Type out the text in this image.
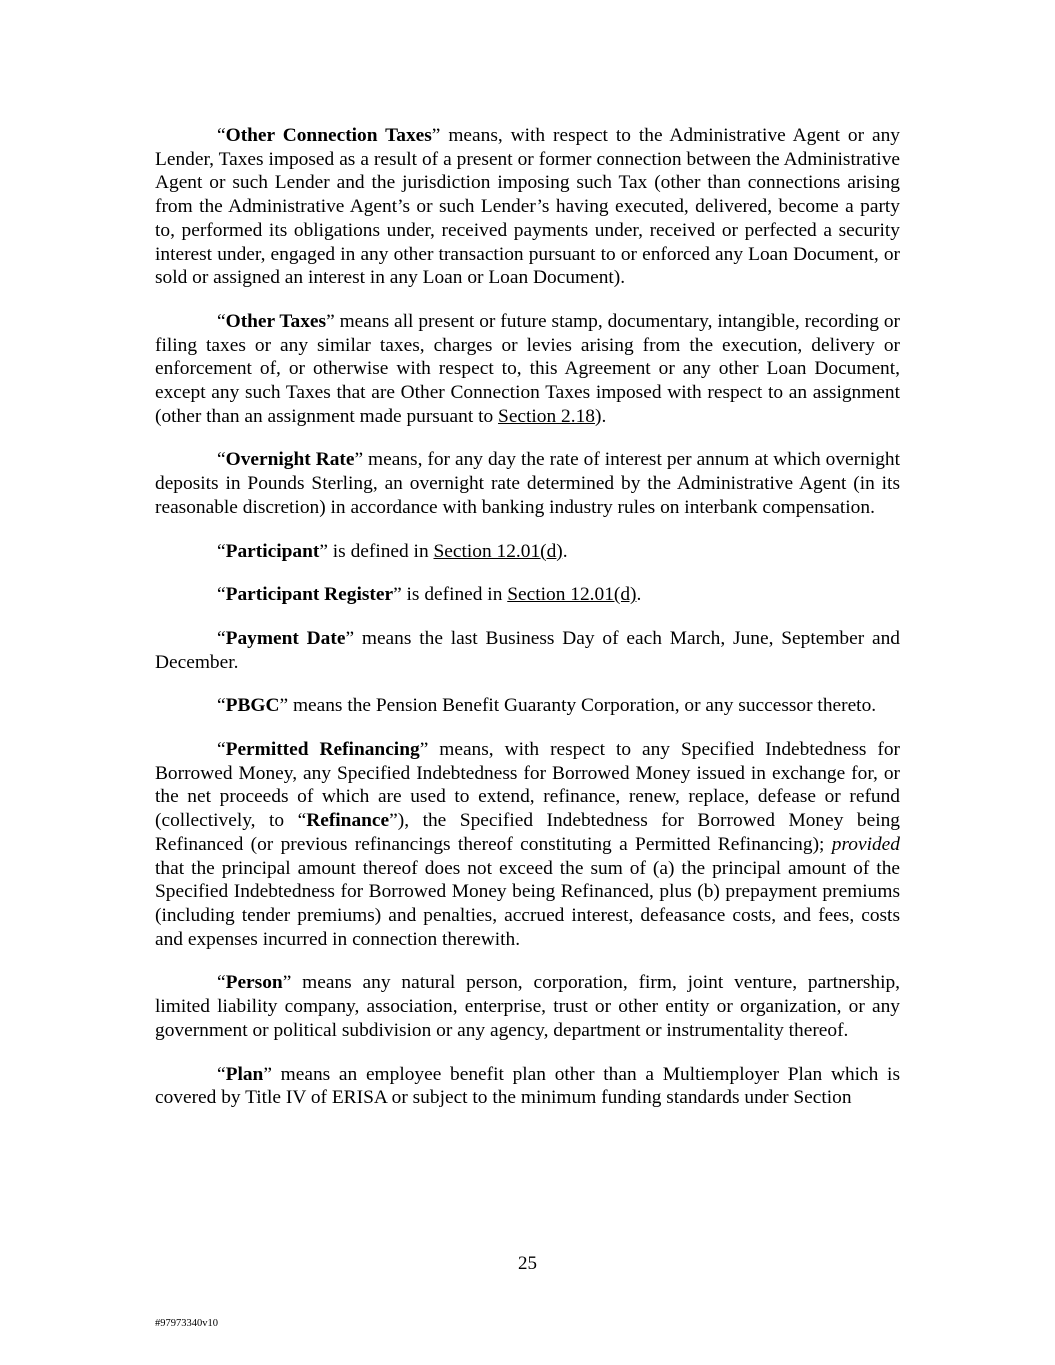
“Other Connection Taxes” means, with respect to the Administrative Agent or any Lender, Taxes imposed as a result of a present or former connection between the Administrative Agent or such Lender and the jurisdiction imposing such Tax (other than connections arising from the Administrative Agent’s or such Lender’s having executed, delivered, become a party to, performed its obligations under, received payments under, received or perfected a security interest under, engaged in any other transaction pursuant to or enforced any Loan Document, or sold or assigned an interest in any Loan or Loan Document).

“Other Taxes” means all present or future stamp, documentary, intangible, recording or filing taxes or any similar taxes, charges or levies arising from the execution, delivery or enforcement of, or otherwise with respect to, this Agreement or any other Loan Document, except any such Taxes that are Other Connection Taxes imposed with respect to an assignment (other than an assignment made pursuant to Section 2.18).

“Overnight Rate” means, for any day the rate of interest per annum at which overnight deposits in Pounds Sterling, an overnight rate determined by the Administrative Agent (in its reasonable discretion) in accordance with banking industry rules on interbank compensation.

“Participant” is defined in Section 12.01(d).

“Participant Register” is defined in Section 12.01(d).

“Payment Date” means the last Business Day of each March, June, September and December.

“PBGC” means the Pension Benefit Guaranty Corporation, or any successor thereto.

“Permitted Refinancing” means, with respect to any Specified Indebtedness for Borrowed Money, any Specified Indebtedness for Borrowed Money issued in exchange for, or the net proceeds of which are used to extend, refinance, renew, replace, defease or refund (collectively, to “Refinance”), the Specified Indebtedness for Borrowed Money being Refinanced (or previous refinancings thereof constituting a Permitted Refinancing); provided that the principal amount thereof does not exceed the sum of (a) the principal amount of the Specified Indebtedness for Borrowed Money being Refinanced, plus (b) prepayment premiums (including tender premiums) and penalties, accrued interest, defeasance costs, and fees, costs and expenses incurred in connection therewith.

“Person” means any natural person, corporation, firm, joint venture, partnership, limited liability company, association, enterprise, trust or other entity or organization, or any government or political subdivision or any agency, department or instrumentality thereof.

“Plan” means an employee benefit plan other than a Multiemployer Plan which is covered by Title IV of ERISA or subject to the minimum funding standards under Section

25
#97973340v10
